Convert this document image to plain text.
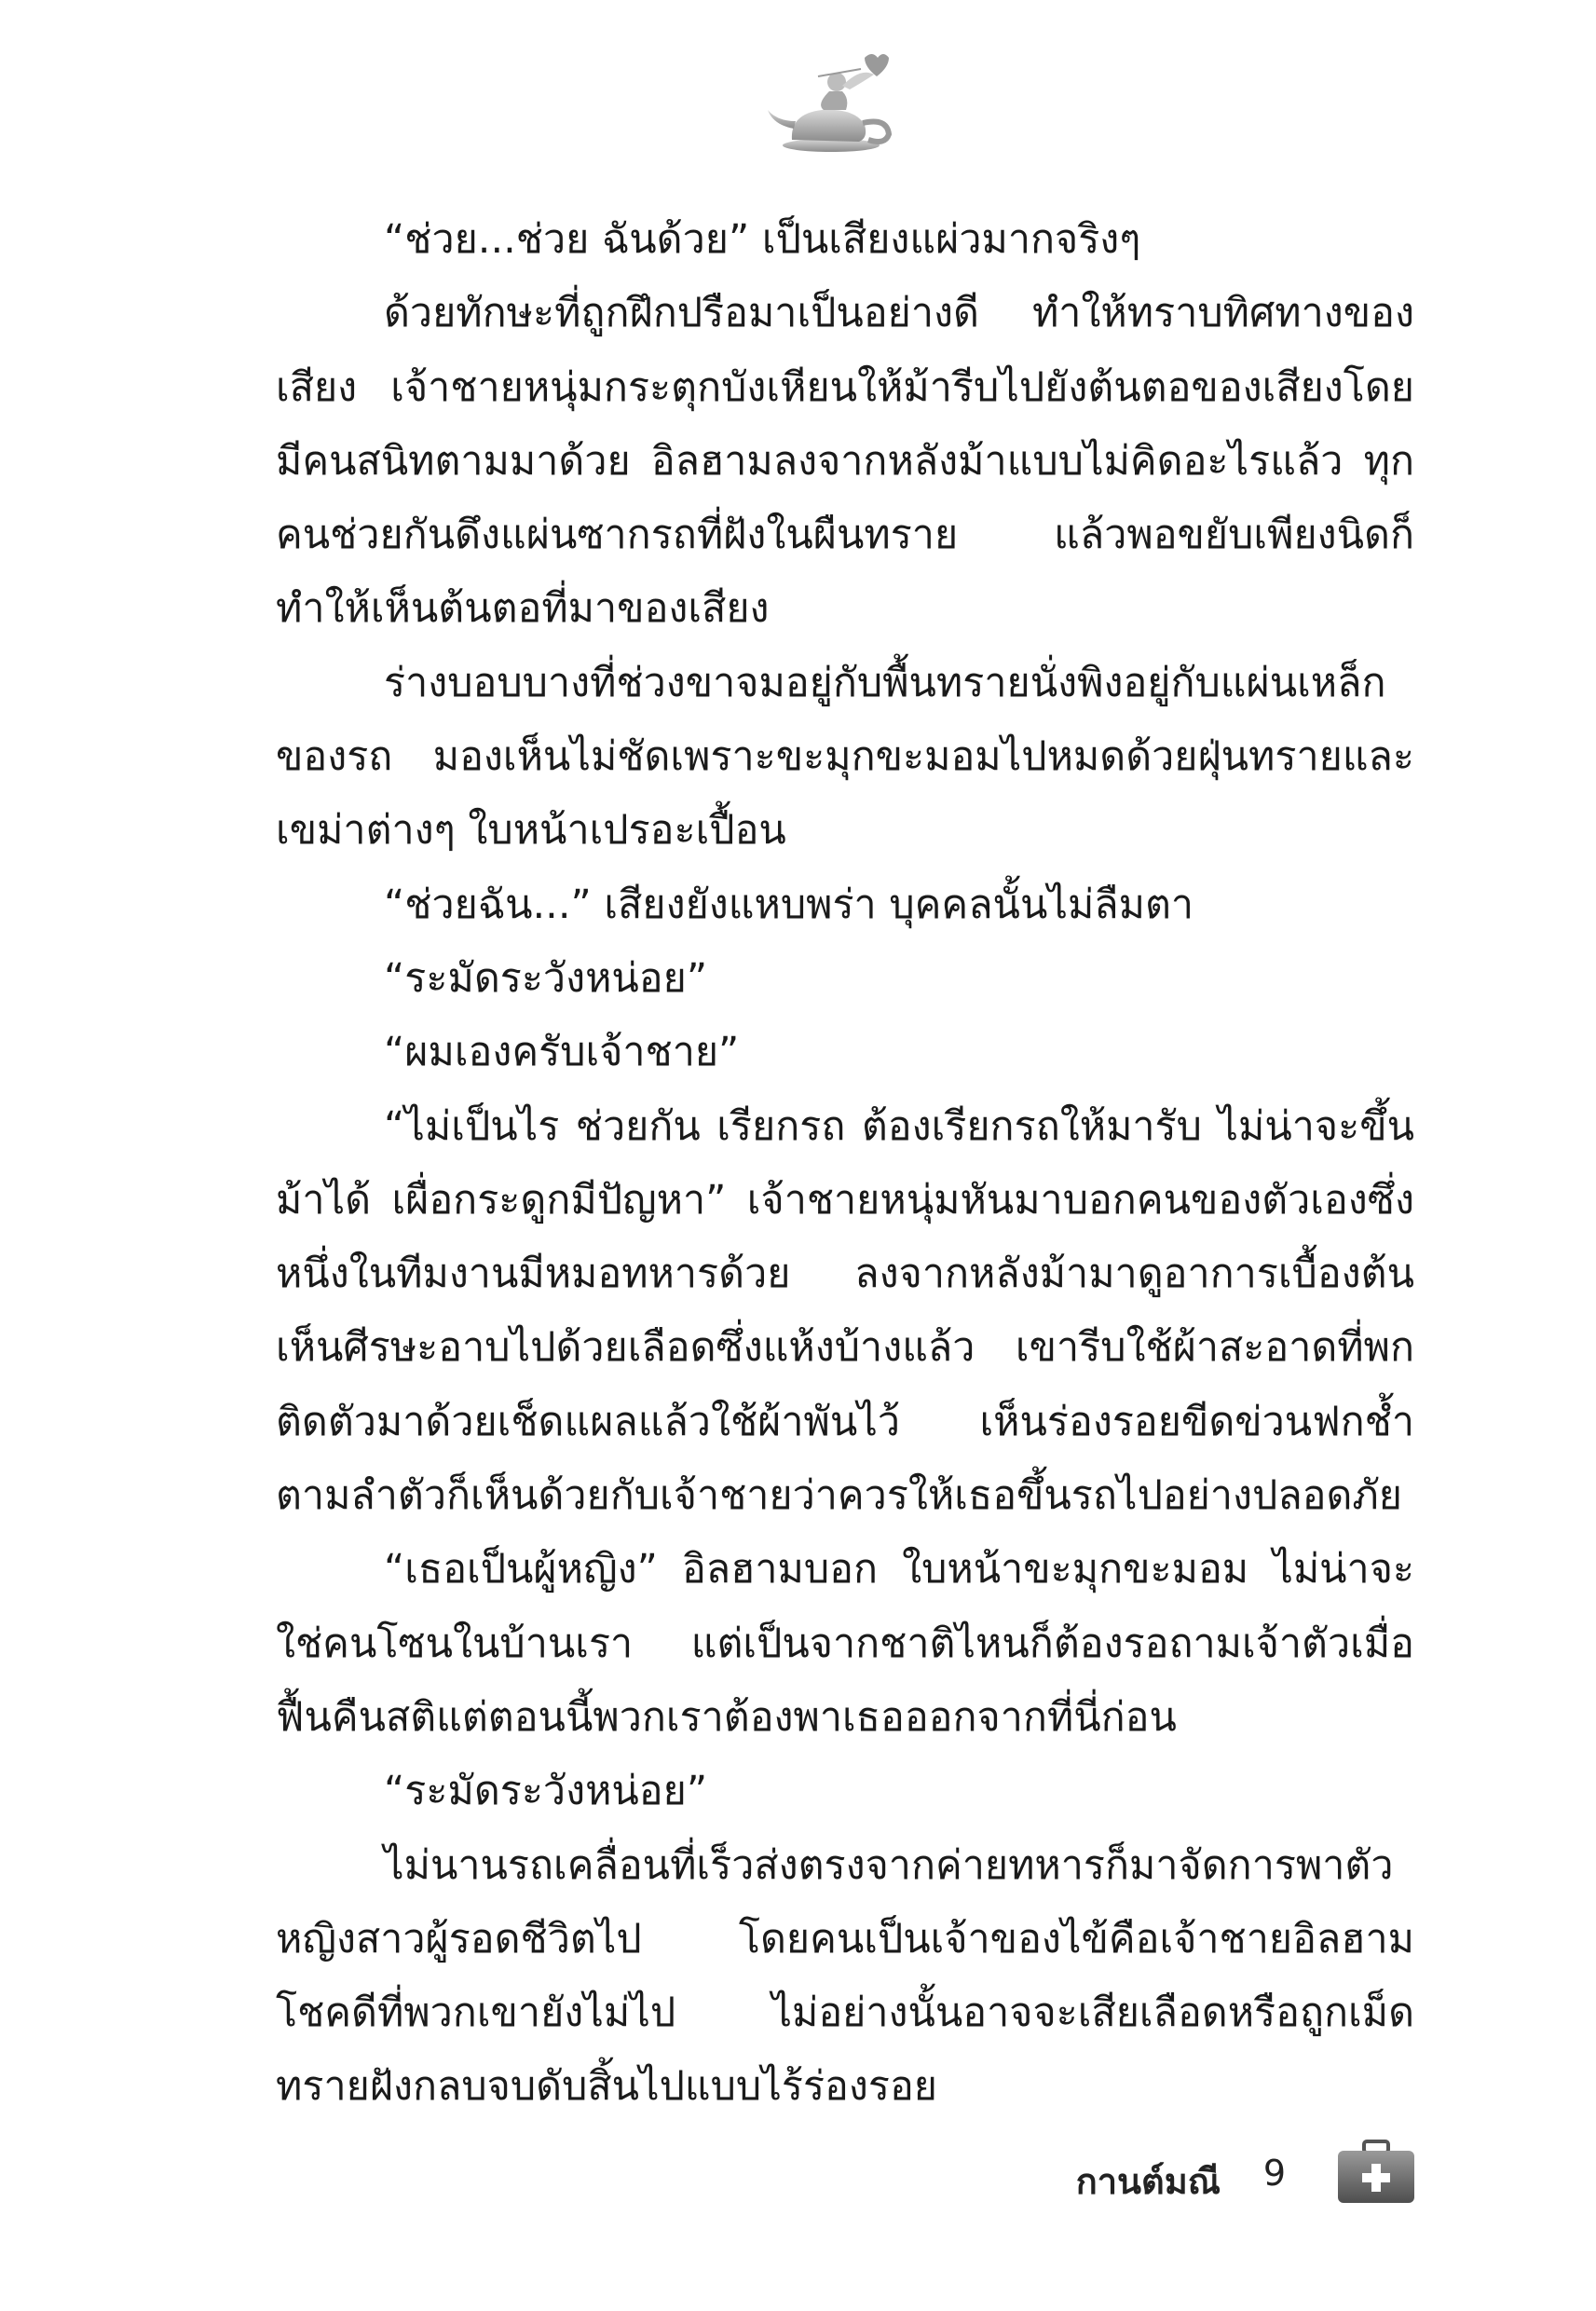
“ช่วย...ช่วย ฉันด้วย” เป็นเสียงแผ่วมากจริงๆ

ด้วยทักษะที่ถูกฝึกปรือมาเป็นอย่างดี ทำให้ทราบทิศทางของเสียง เจ้าชายหนุ่มกระตุกบังเหียนให้ม้ารีบไปยังต้นตอของเสียงโดยมีคนสนิทตามมาด้วย อิลฮามลงจากหลังม้าแบบไม่คิดอะไรแล้ว ทุกคนช่วยกันดึงแผ่นซากรถที่ฝังในผืนทราย แล้วพอขยับเพียงนิดก็ทำให้เห็นต้นตอที่มาของเสียง

ร่างบอบบางที่ช่วงขาจมอยู่กับพื้นทรายนั่งพิงอยู่กับแผ่นเหล็กของรถ มองเห็นไม่ชัดเพราะขะมุกขะมอมไปหมดด้วยฝุ่นทรายและเขม่าต่างๆ ใบหน้าเปรอะเปื้อน

“ช่วยฉัน...” เสียงยังแหบพร่า บุคคลนั้นไม่ลืมตา

“ระมัดระวังหน่อย”

“ผมเองครับเจ้าชาย”

“ไม่เป็นไร ช่วยกัน เรียกรถ ต้องเรียกรถให้มารับ ไม่น่าจะขึ้นม้าได้ เผื่อกระดูกมีปัญหา” เจ้าชายหนุ่มหันมาบอกคนของตัวเองซึ่งหนึ่งในทีมงานมีหมอทหารด้วย ลงจากหลังม้ามาดูอาการเบื้องต้นเห็นศีรษะอาบไปด้วยเลือดซึ่งแห้งบ้างแล้ว เขารีบใช้ผ้าสะอาดที่พกติดตัวมาด้วยเช็ดแผลแล้วใช้ผ้าพันไว้ เห็นร่องรอยขีดข่วนฟกช้ำตามลำตัวก็เห็นด้วยกับเจ้าชายว่าควรให้เธอขึ้นรถไปอย่างปลอดภัย

“เธอเป็นผู้หญิง” อิลฮามบอก ใบหน้าขะมุกขะมอม ไม่น่าจะใช่คนโซนในบ้านเรา แต่เป็นจากชาติไหนก็ต้องรอถามเจ้าตัวเมื่อฟื้นคืนสติแต่ตอนนี้พวกเราต้องพาเธอออกจากที่นี่ก่อน

“ระมัดระวังหน่อย”

ไม่นานรถเคลื่อนที่เร็วส่งตรงจากค่ายทหารก็มาจัดการพาตัวหญิงสาวผู้รอดชีวิตไป โดยคนเป็นเจ้าของไข้คือเจ้าชายอิลฮาม โชคดีที่พวกเขายังไม่ไป ไม่อย่างนั้นอาจจะเสียเลือดหรือถูกเม็ดทรายฝังกลบจบดับสิ้นไปแบบไร้ร่องรอย

กานต์มณี 9
